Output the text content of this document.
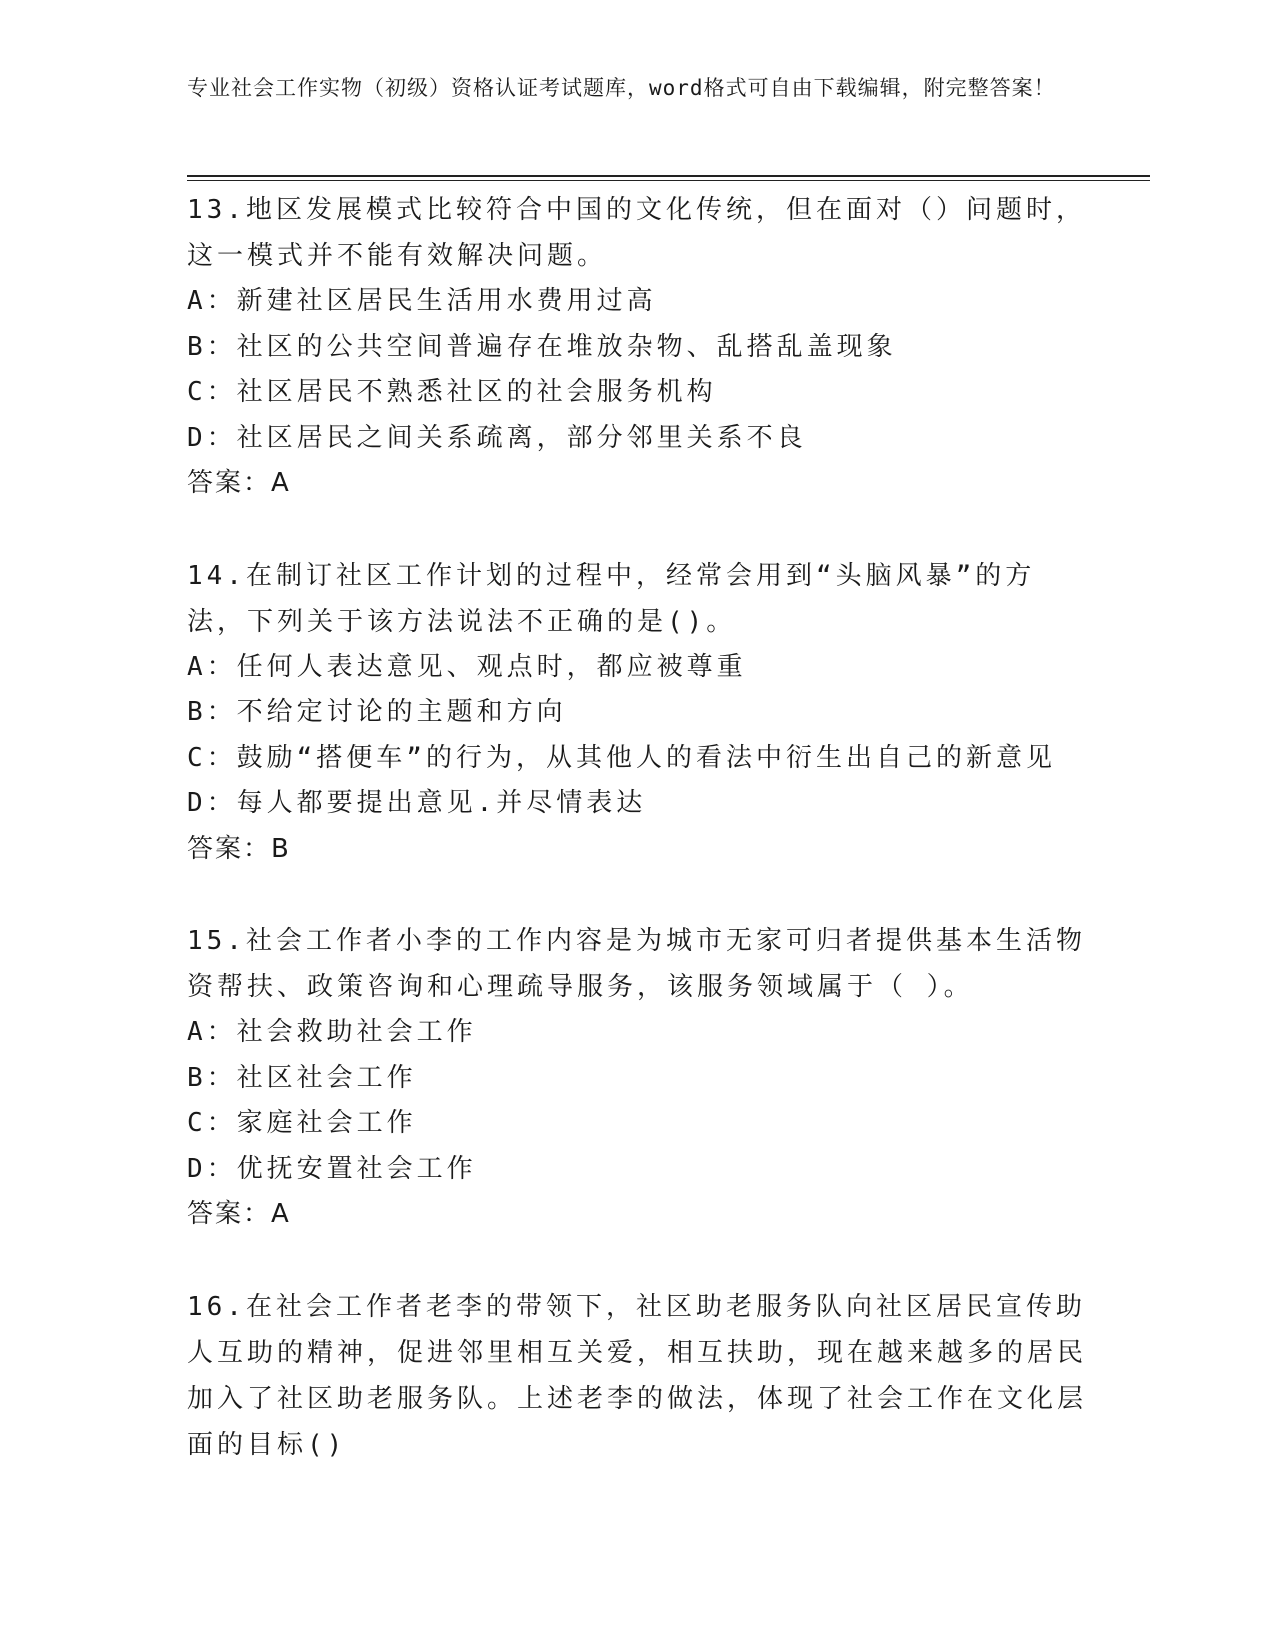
专业社会工作实物（初级）资格认证考试题库，word格式可自由下载编辑，附完整答案！
13.地区发展模式比较符合中国的文化传统，但在面对（）问题时，这一模式并不能有效解决问题。
A：新建社区居民生活用水费用过高
B：社区的公共空间普遍存在堆放杂物、乱搭乱盖现象
C：社区居民不熟悉社区的社会服务机构
D：社区居民之间关系疏离，部分邻里关系不良
答案：A
14.在制订社区工作计划的过程中，经常会用到“头脑风暴”的方法，下列关于该方法说法不正确的是()。
A：任何人表达意见、观点时，都应被尊重
B：不给定讨论的主题和方向
C：鼓励“搭便车”的行为，从其他人的看法中衍生出自己的新意见
D：每人都要提出意见.并尽情表达
答案：B
15.社会工作者小李的工作内容是为城市无家可归者提供基本生活物资帮扶、政策咨询和心理疏导服务，该服务领域属于（ ）。
A：社会救助社会工作
B：社区社会工作
C：家庭社会工作
D：优抚安置社会工作
答案：A
16.在社会工作者老李的带领下，社区助老服务队向社区居民宣传助人互助的精神，促进邻里相互关爱，相互扶助，现在越来越多的居民加入了社区助老服务队。上述老李的做法，体现了社会工作在文化层面的目标()
